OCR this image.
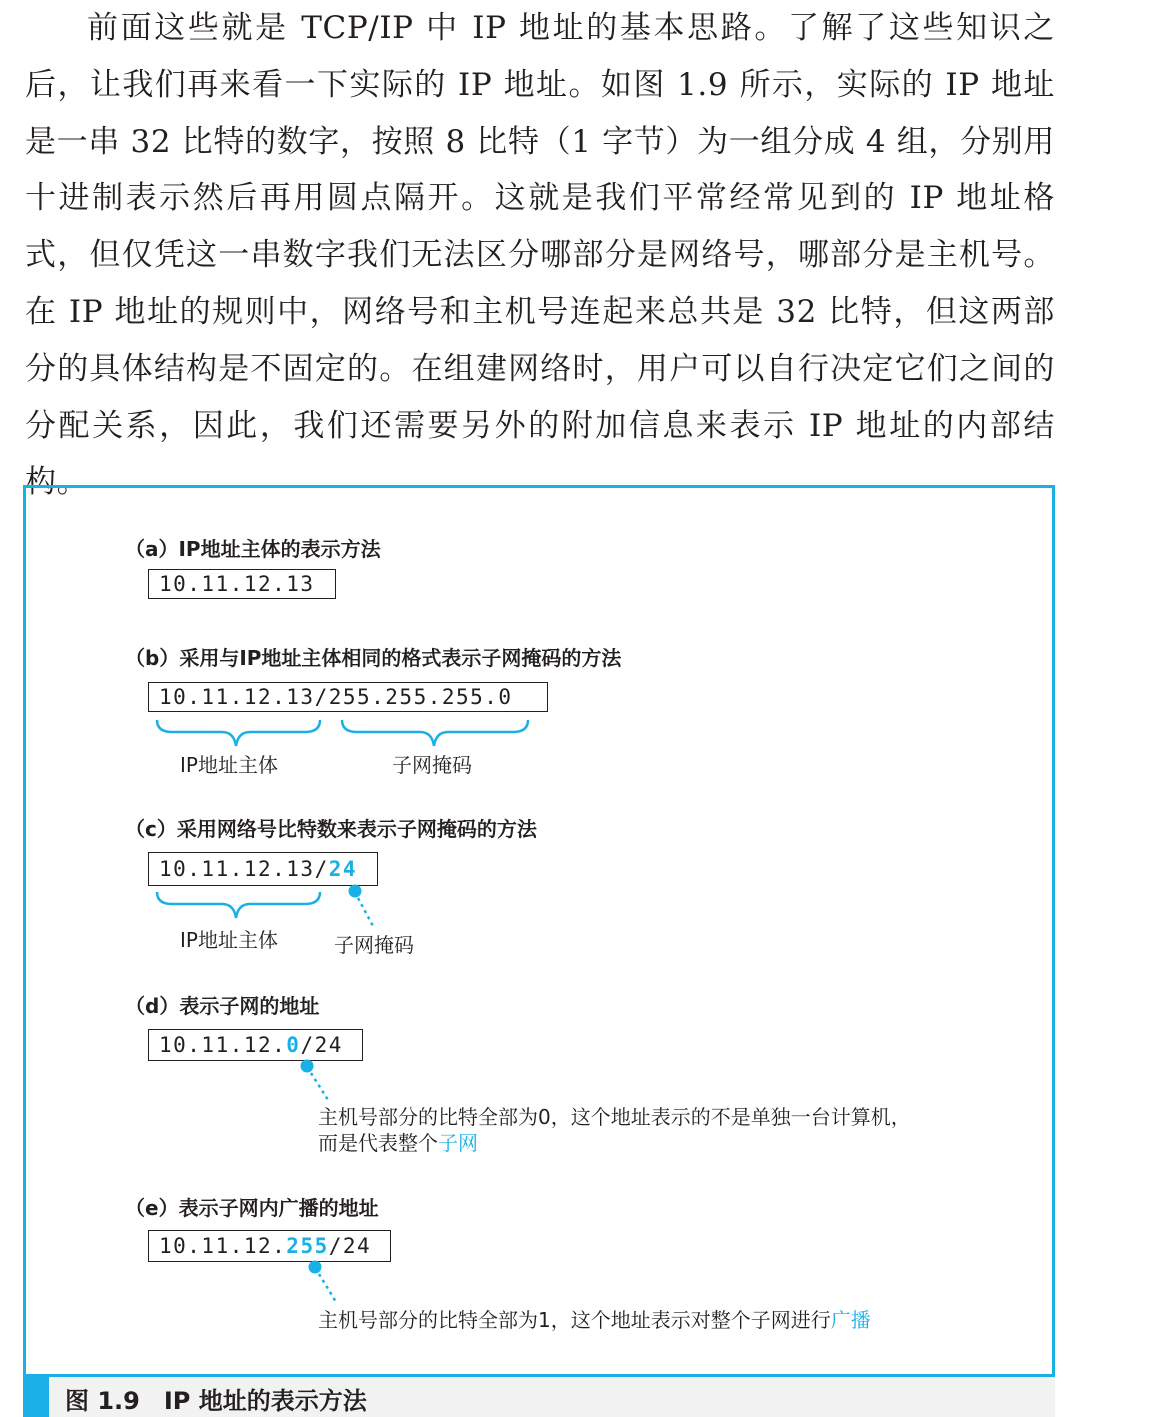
前面这些就是 TCP/IP 中 IP 地址的基本思路。了解了这些知识之后，让我们再来看一下实际的 IP 地址。如图 1.9 所示，实际的 IP 地址是一串 32 比特的数字，按照 8 比特（1 字节）为一组分成 4 组，分别用十进制表示然后再用圆点隔开。这就是我们平常经常见到的 IP 地址格式，但仅凭这一串数字我们无法区分哪部分是网络号，哪部分是主机号。在 IP 地址的规则中，网络号和主机号连起来总共是 32 比特，但这两部分的具体结构是不固定的。在组建网络时，用户可以自行决定它们之间的分配关系，因此，我们还需要另外的附加信息来表示 IP 地址的内部结构。

（a）IP地址主体的表示方法

10.11.12.13

（b）采用与IP地址主体相同的格式表示子网掩码的方法

10.11.12.13/255.255.255.0

IP地址主体	子网掩码

（c）采用网络号比特数来表示子网掩码的方法

10.11.12.13/24

IP地址主体	子网掩码

（d）表示子网的地址

10.11.12.0/24

主机号部分的比特全部为0，这个地址表示的不是单独一台计算机，

而是代表整个子网

（e）表示子网内广播的地址

10.11.12.255/24

主机号部分的比特全部为1，这个地址表示对整个子网进行广播

图 1.9　IP 地址的表示方法
